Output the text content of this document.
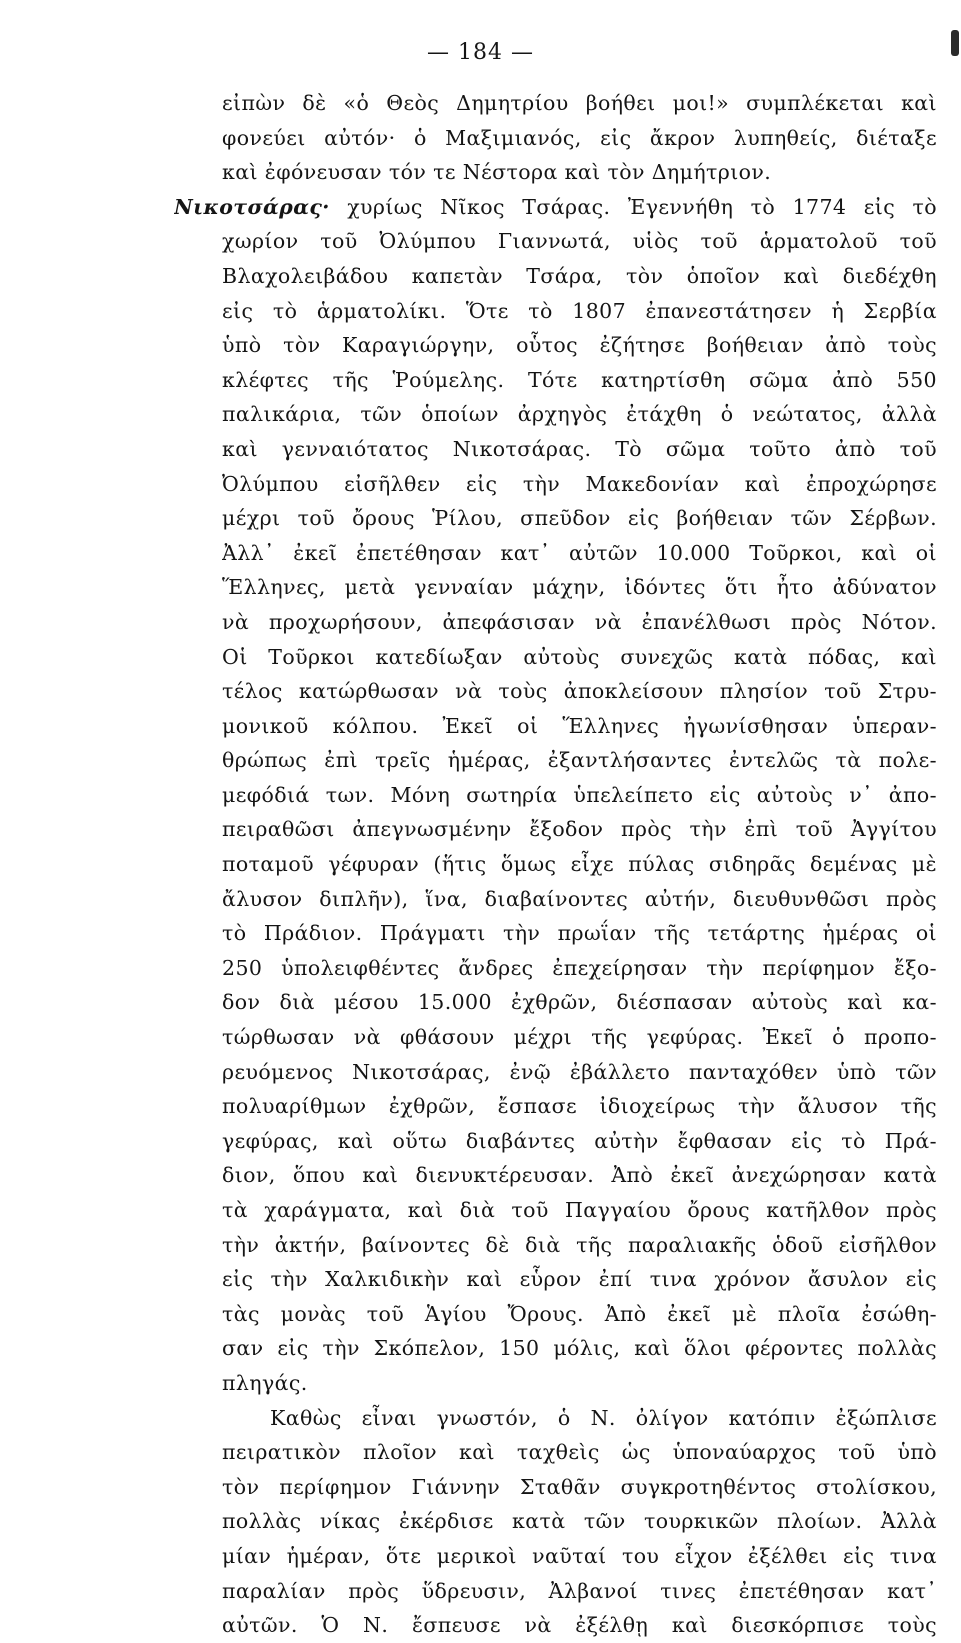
— 184 —
εἰπὼν δὲ «ὁ Θεὸς Δημητρίου βοήθει μοι!» συμπλέκεται καὶ
φονεύει αὐτόν· ὁ Μαξιμιανός, εἰς ἄκρον λυπηθείς, διέταξε
καὶ ἐφόνευσαν τόν τε Νέστορα καὶ τὸν Δημήτριον.
Νικοτσάρας· χυρίως Νῖκος Τσάρας. Ἐγεννήθη τὸ 1774 εἰς τὸ
χωρίον τοῦ Ὀλύμπου Γιαννωτά, υἱὸς τοῦ ἁρματολοῦ τοῦ
Βλαχολειβάδου καπετὰν Τσάρα, τὸν ὁποῖον καὶ διεδέχθη
εἰς τὸ ἁρματολίκι. Ὅτε τὸ 1807 ἐπανεστάτησεν ἡ Σερβία
ὑπὸ τὸν Καραγιώργην, οὗτος ἐζήτησε βοήθειαν ἀπὸ τοὺς
κλέφτες τῆς Ῥούμελης. Τότε κατηρτίσθη σῶμα ἀπὸ 550
παλικάρια, τῶν ὁποίων ἀρχηγὸς ἐτάχθη ὁ νεώτατος, ἀλλὰ
καὶ γενναιότατος Νικοτσάρας. Τὸ σῶμα τοῦτο ἀπὸ τοῦ
Ὀλύμπου εἰσῆλθεν εἰς τὴν Μακεδονίαν καὶ ἐπροχώρησε
μέχρι τοῦ ὄρους Ῥίλου, σπεῦδον εἰς βοήθειαν τῶν Σέρβων.
Ἀλλ᾽ ἐκεῖ ἐπετέθησαν κατ᾽ αὐτῶν 10.000 Τοῦρκοι, καὶ οἱ
Ἕλληνες, μετὰ γενναίαν μάχην, ἰδόντες ὅτι ἦτο ἀδύνατον
νὰ προχωρήσουν, ἀπεφάσισαν νὰ ἐπανέλθωσι πρὸς Νότον.
Οἱ Τοῦρκοι κατεδίωξαν αὐτοὺς συνεχῶς κατὰ πόδας, καὶ
τέλος κατώρθωσαν νὰ τοὺς ἀποκλείσουν πλησίον τοῦ Στρυ-
μονικοῦ κόλπου. Ἐκεῖ οἱ Ἕλληνες ἠγωνίσθησαν ὑπεραν-
θρώπως ἐπὶ τρεῖς ἡμέρας, ἐξαντλήσαντες ἐντελῶς τὰ πολε-
μεφόδιά των. Μόνη σωτηρία ὑπελείπετο εἰς αὐτοὺς ν᾽ ἀπο-
πειραθῶσι ἀπεγνωσμένην ἔξοδον πρὸς τὴν ἐπὶ τοῦ Ἀγγίτου
ποταμοῦ γέφυραν (ἥτις ὅμως εἶχε πύλας σιδηρᾶς δεμένας μὲ
ἄλυσον διπλῆν), ἵνα, διαβαίνοντες αὐτήν, διευθυνθῶσι πρὸς
τὸ Πράδιον. Πράγματι τὴν πρωΐαν τῆς τετάρτης ἡμέρας οἱ
250 ὑπολειφθέντες ἄνδρες ἐπεχείρησαν τὴν περίφημον ἔξο-
δον διὰ μέσου 15.000 ἐχθρῶν, διέσπασαν αὐτοὺς καὶ κα-
τώρθωσαν νὰ φθάσουν μέχρι τῆς γεφύρας. Ἐκεῖ ὁ προπο-
ρευόμενος Νικοτσάρας, ἐνῷ ἐβάλλετο πανταχόθεν ὑπὸ τῶν
πολυαρίθμων ἐχθρῶν, ἔσπασε ἰδιοχείρως τὴν ἄλυσον τῆς
γεφύρας, καὶ οὕτω διαβάντες αὐτὴν ἔφθασαν εἰς τὸ Πρά-
διον, ὅπου καὶ διενυκτέρευσαν. Ἀπὸ ἐκεῖ ἀνεχώρησαν κατὰ
τὰ χαράγματα, καὶ διὰ τοῦ Παγγαίου ὄρους κατῆλθον πρὸς
τὴν ἀκτήν, βαίνοντες δὲ διὰ τῆς παραλιακῆς ὁδοῦ εἰσῆλθον
εἰς τὴν Χαλκιδικὴν καὶ εὗρον ἐπί τινα χρόνον ἄσυλον εἰς
τὰς μονὰς τοῦ Ἁγίου Ὄρους. Ἀπὸ ἐκεῖ μὲ πλοῖα ἐσώθη-
σαν εἰς τὴν Σκόπελον, 150 μόλις, καὶ ὅλοι φέροντες πολλὰς
πληγάς.
Καθὼς εἶναι γνωστόν, ὁ Ν. ὀλίγον κατόπιν ἐξώπλισε
πειρατικὸν πλοῖον καὶ ταχθεὶς ὡς ὑποναύαρχος τοῦ ὑπὸ
τὸν περίφημον Γιάννην Σταθᾶν συγκροτηθέντος στολίσκου,
πολλὰς νίκας ἐκέρδισε κατὰ τῶν τουρκικῶν πλοίων. Ἀλλὰ
μίαν ἡμέραν, ὅτε μερικοὶ ναῦταί του εἶχον ἐξέλθει εἰς τινα
παραλίαν πρὸς ὕδρευσιν, Ἀλβανοί τινες ἐπετέθησαν κατ᾽
αὐτῶν. Ὁ Ν. ἔσπευσε νὰ ἐξέλθῃ καὶ διεσκόρπισε τοὺς
